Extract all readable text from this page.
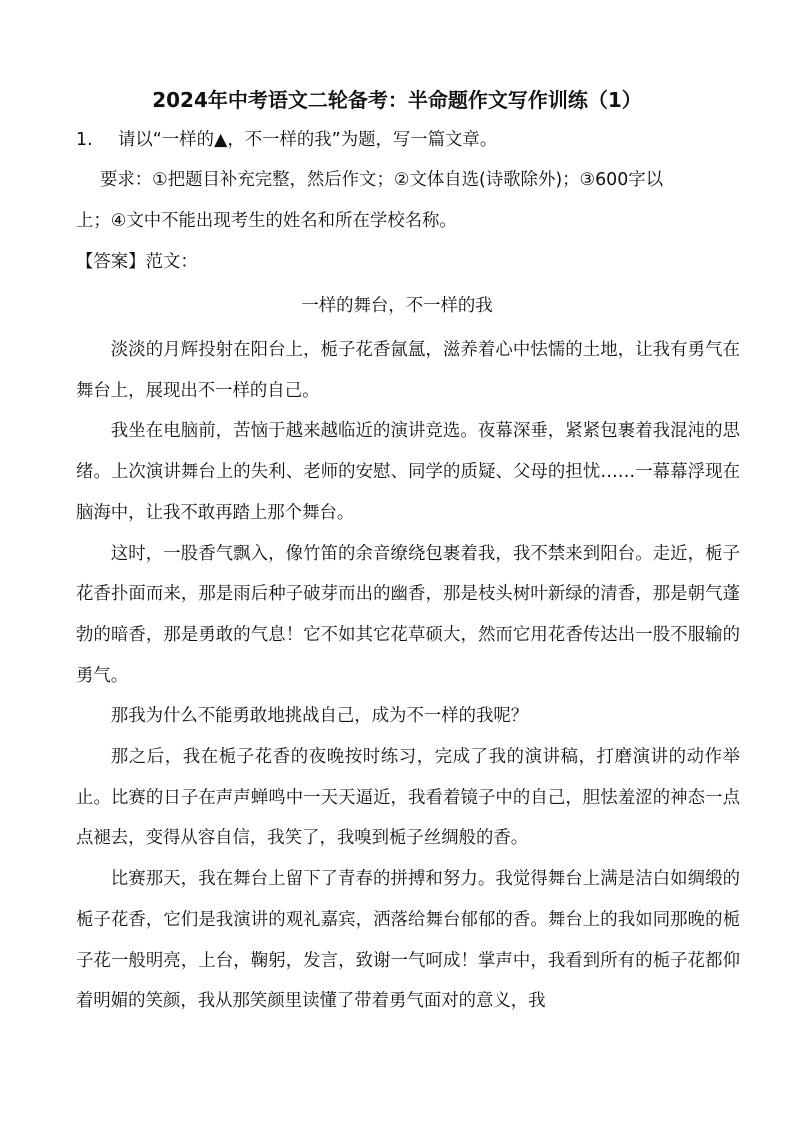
2024年中考语文二轮备考：半命题作文写作训练（1）
1. 请以“一样的▲，不一样的我”为题，写一篇文章。
要求：①把题目补充完整，然后作文；②文体自选(诗歌除外)；③600字以
上；④文中不能出现考生的姓名和所在学校名称。
【答案】范文：
一样的舞台，不一样的我

淡淡的月辉投射在阳台上，栀子花香氤氲，滋养着心中怯懦的土地，让我有勇气在舞台上，展现出不一样的自己。

我坐在电脑前，苦恼于越来越临近的演讲竞选。夜幕深垂，紧紧包裹着我混沌的思绪。上次演讲舞台上的失利、老师的安慰、同学的质疑、父母的担忧……一幕幕浮现在脑海中，让我不敢再踏上那个舞台。

这时，一股香气飘入，像竹笛的余音缭绕包裹着我，我不禁来到阳台。走近，栀子花香扑面而来，那是雨后种子破芽而出的幽香，那是枝头树叶新绿的清香，那是朝气蓬勃的暗香，那是勇敢的气息！它不如其它花草硕大，然而它用花香传达出一股不服输的勇气。

那我为什么不能勇敢地挑战自己，成为不一样的我呢？

那之后，我在栀子花香的夜晚按时练习，完成了我的演讲稿，打磨演讲的动作举止。比赛的日子在声声蝉鸣中一天天逼近，我看着镜子中的自己，胆怯羞涩的神态一点点褪去，变得从容自信，我笑了，我嗅到栀子丝绸般的香。

比赛那天，我在舞台上留下了青春的拼搏和努力。我觉得舞台上满是洁白如绸缎的栀子花香，它们是我演讲的观礼嘉宾，洒落给舞台郁郁的香。舞台上的我如同那晚的栀子花一般明亮，上台，鞠躬，发言，致谢一气呵成！掌声中，我看到所有的栀子花都仰着明媚的笑颜，我从那笑颜里读懂了带着勇气面对的意义，我
